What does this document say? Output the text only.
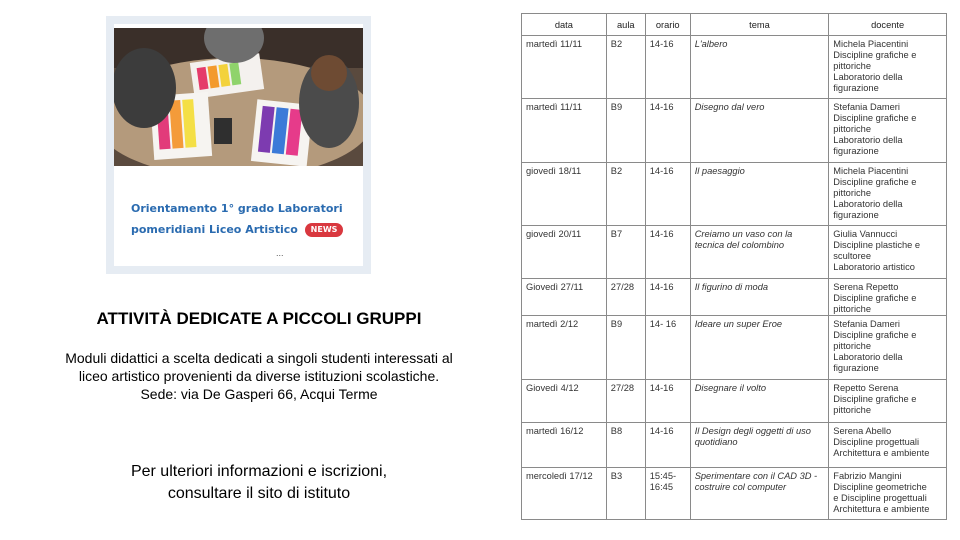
Orientamento 1° grado Laboratori pomeridiani Liceo Artistico NEWS
...
ATTIVITÀ DEDICATE A PICCOLI GRUPPI
Moduli didattici a scelta dedicati a singoli studenti interessati al
liceo artistico provenienti da diverse istituzioni scolastiche.
Sede: via De Gasperi 66, Acqui Terme
Per ulteriori informazioni e iscrizioni,
consultare il sito di istituto
data	aula	orario	tema	docente
martedì 11/11	B2	14-16	L'albero	Michela Piacentini
Discipline grafiche e
pittoriche
Laboratorio della
figurazione

martedì 11/11	B9	14-16	Disegno dal vero	Stefania Dameri
Discipline grafiche e
pittoriche
Laboratorio della
figurazione

giovedì 18/11	B2	14-16	Il paesaggio	Michela Piacentini
Discipline grafiche e
pittoriche
Laboratorio della
figurazione

giovedì 20/11	B7	14-16	Creiamo un vaso con la tecnica del colombino	Giulia Vannucci
Discipline plastiche e
scultoree
Laboratorio artistico

Giovedì 27/11	27/28	14-16	Il figurino di moda	Serena Repetto
Discipline grafiche e
pittoriche

martedì 2/12	B9	14- 16	Ideare un super Eroe	Stefania Dameri
Discipline grafiche e
pittoriche
Laboratorio della
figurazione

Giovedì 4/12	27/28	14-16	Disegnare il volto	Repetto Serena
Discipline grafiche e
pittoriche

martedì 16/12	B8	14-16	Il Design degli oggetti di uso quotidiano	Serena Abello
Discipline progettuali
Architettura e ambiente

mercoledì 17/12	B3	15:45-16:45	Sperimentare con il CAD 3D - costruire col computer	Fabrizio Mangini
Discipline geometriche
e Discipline progettuali
Architettura e ambiente
